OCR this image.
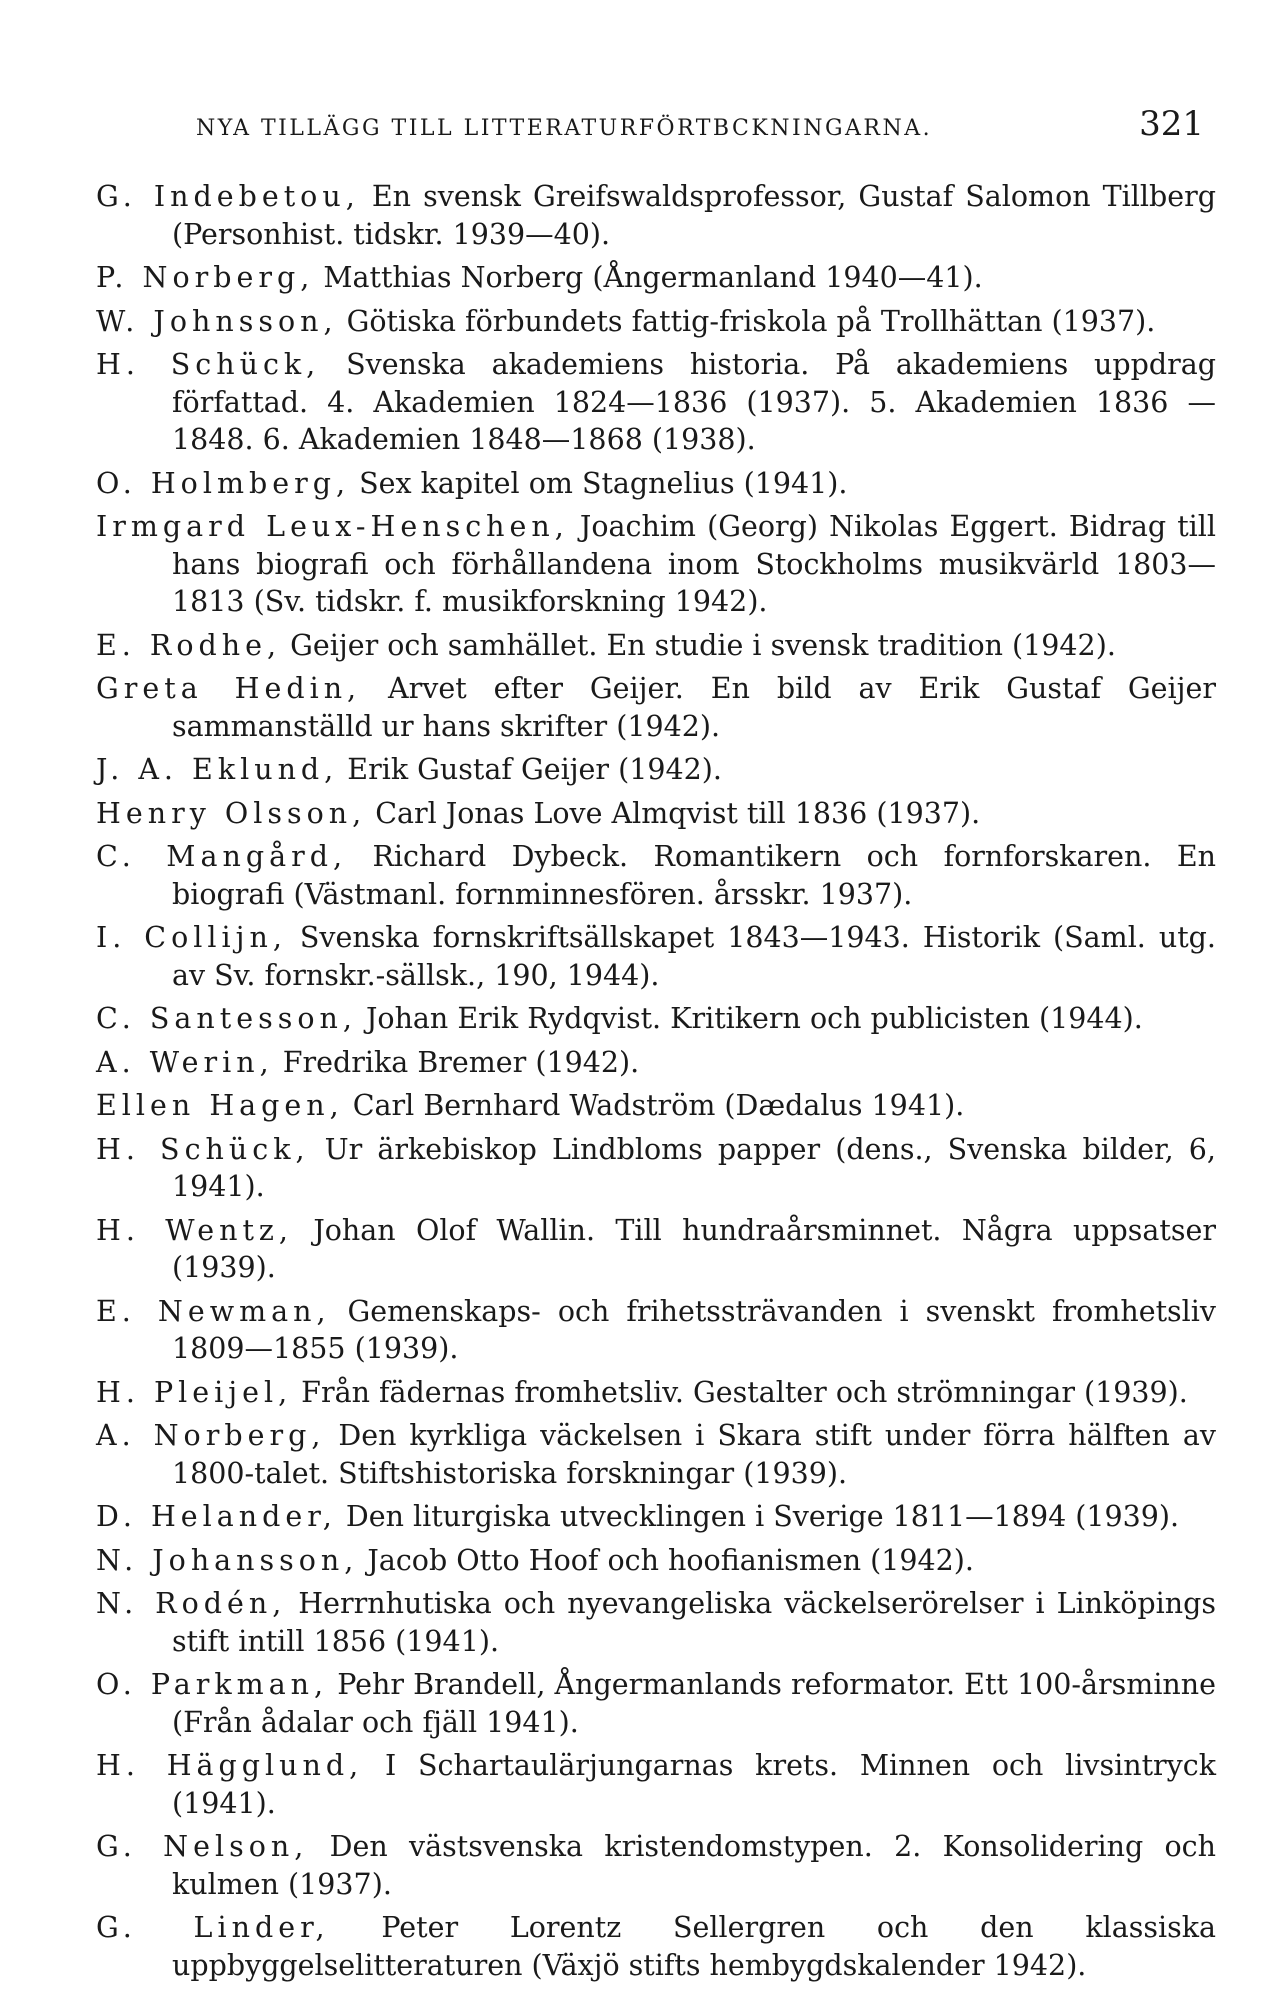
NYA TILLÄGG TILL LITTERATURFÖRTBCKNINGARNA.	321

G. Indebetou, En svensk Greifswaldsprofessor, Gustaf Salomon Tillberg (Personhist. tidskr. 1939—40).

P. Norberg, Matthias Norberg (Ångermanland 1940—41).

W. Johnsson, Götiska förbundets fattig-friskola på Trollhättan (1937).

H. Schück, Svenska akademiens historia. På akademiens uppdrag författad. 4. Akademien 1824—1836 (1937). 5. Akademien 1836 —1848. 6. Akademien 1848—1868 (1938).

O. Holmberg, Sex kapitel om Stagnelius (1941).

Irmgard Leux-Henschen, Joachim (Georg) Nikolas Eggert. Bidrag till hans biografi och förhållandena inom Stockholms musikvärld 1803—1813 (Sv. tidskr. f. musikforskning 1942).

E. Rodhe, Geijer och samhället. En studie i svensk tradition (1942).

Greta Hedin, Arvet efter Geijer. En bild av Erik Gustaf Geijer sammanställd ur hans skrifter (1942).

J. A. Eklund, Erik Gustaf Geijer (1942).

Henry Olsson, Carl Jonas Love Almqvist till 1836 (1937).

C. Mangård, Richard Dybeck. Romantikern och fornforskaren. En biografi (Västmanl. fornminnesfören. årsskr. 1937).

I. Collijn, Svenska fornskriftsällskapet 1843—1943. Historik (Saml. utg. av Sv. fornskr.-sällsk., 190, 1944).

C. Santesson, Johan Erik Rydqvist. Kritikern och publicisten (1944).

A. Werin, Fredrika Bremer (1942).

Ellen Hagen, Carl Bernhard Wadström (Dædalus 1941).

H. Schück, Ur ärkebiskop Lindbloms papper (dens., Svenska bilder, 6, 1941).

H. Wentz, Johan Olof Wallin. Till hundraårsminnet. Några uppsatser (1939).

E. Newman, Gemenskaps- och frihetssträvanden i svenskt fromhetsliv 1809—1855 (1939).

H. Pleijel, Från fädernas fromhetsliv. Gestalter och strömningar (1939).

A. Norberg, Den kyrkliga väckelsen i Skara stift under förra hälften av 1800-talet. Stiftshistoriska forskningar (1939).

D. Helander, Den liturgiska utvecklingen i Sverige 1811—1894 (1939).

N. Johansson, Jacob Otto Hoof och hoofianismen (1942).

N. Rodén, Herrnhutiska och nyevangeliska väckelserörelser i Linköpings stift intill 1856 (1941).

O. Parkman, Pehr Brandell, Ångermanlands reformator. Ett 100-årsminne (Från ådalar och fjäll 1941).

H. Hägglund, I Schartaulärjungarnas krets. Minnen och livsintryck (1941).

G. Nelson, Den västsvenska kristendomstypen. 2. Konsolidering och kulmen (1937).

G. Linder, Peter Lorentz Sellergren och den klassiska uppbyggelselitteraturen (Växjö stifts hembygdskalender 1942).
